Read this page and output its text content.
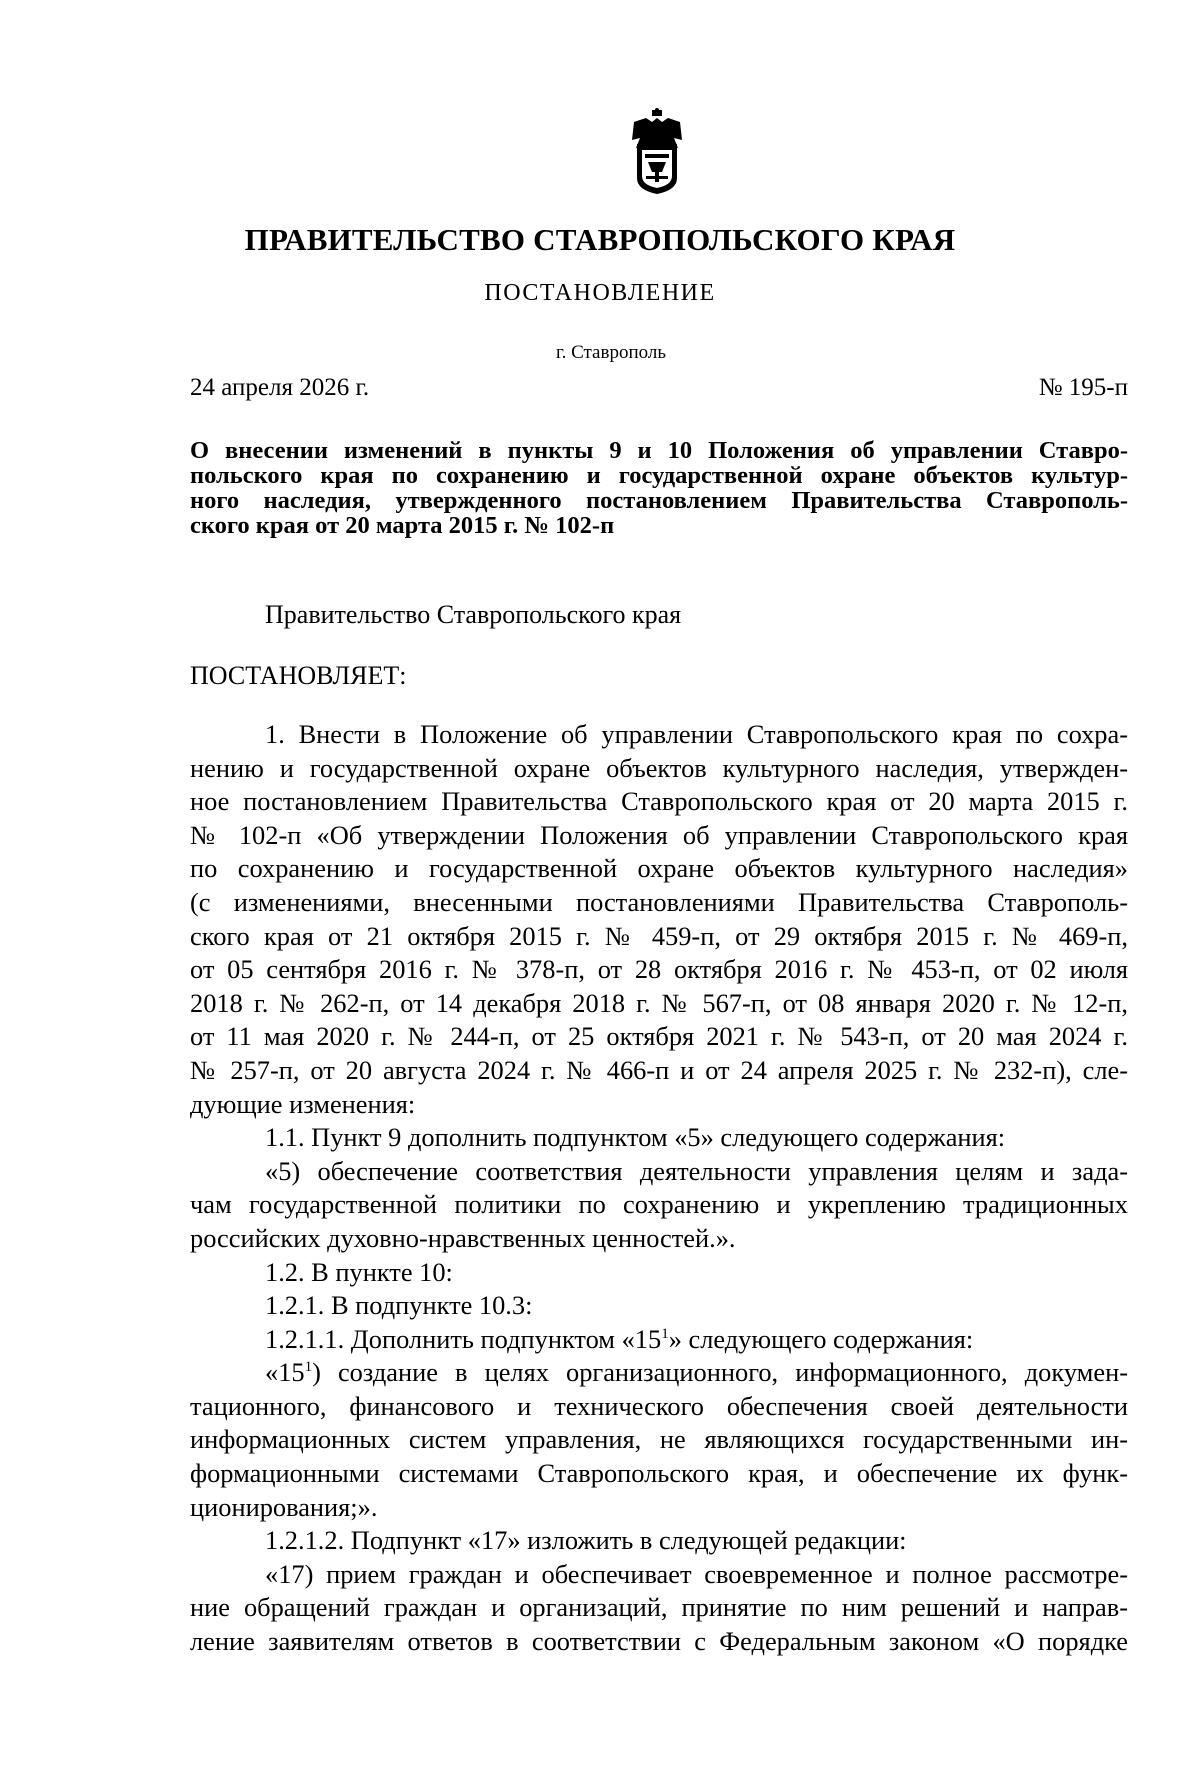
ПРАВИТЕЛЬСТВО СТАВРОПОЛЬСКОГО КРАЯ
ПОСТАНОВЛЕНИЕ
г. Ставрополь
24 апреля 2026 г.	№ 195-п
О внесении изменений в пункты 9 и 10 Положения об управлении Ставро-
польского края по сохранению и государственной охране объектов культур-
ного наследия, утвержденного постановлением Правительства Ставрополь-
ского края от 20 марта 2015 г. № 102-п
Правительство Ставропольского края
ПОСТАНОВЛЯЕТ:
1. Внести в Положение об управлении Ставропольского края по сохра-
нению и государственной охране объектов культурного наследия, утвержден-
ное постановлением Правительства Ставропольского края от 20 марта 2015 г.
№ 102-п «Об утверждении Положения об управлении Ставропольского края
по сохранению и государственной охране объектов культурного наследия»
(с изменениями, внесенными постановлениями Правительства Ставрополь-
ского края от 21 октября 2015 г. № 459-п, от 29 октября 2015 г. № 469-п,
от 05 сентября 2016 г. № 378-п, от 28 октября 2016 г. № 453-п, от 02 июля
2018 г. № 262-п, от 14 декабря 2018 г. № 567-п, от 08 января 2020 г. № 12-п,
от 11 мая 2020 г. № 244-п, от 25 октября 2021 г. № 543-п, от 20 мая 2024 г.
№ 257-п, от 20 августа 2024 г. № 466-п и от 24 апреля 2025 г. № 232-п), сле-
дующие изменения:
1.1. Пункт 9 дополнить подпунктом «5» следующего содержания:
«5) обеспечение соответствия деятельности управления целям и зада-
чам государственной политики по сохранению и укреплению традиционных
российских духовно-нравственных ценностей.».
1.2. В пункте 10:
1.2.1. В подпункте 10.3:
1.2.1.1. Дополнить подпунктом «$15^1$» следующего содержания:
«$15^1$) создание в целях организационного, информационного, докумен-
тационного, финансового и технического обеспечения своей деятельности
информационных систем управления, не являющихся государственными ин-
формационными системами Ставропольского края, и обеспечение их функ-
ционирования;».
1.2.1.2. Подпункт «17» изложить в следующей редакции:
«17) прием граждан и обеспечивает своевременное и полное рассмотре-
ние обращений граждан и организаций, принятие по ним решений и направ-
ление заявителям ответов в соответствии с Федеральным законом «О порядке
